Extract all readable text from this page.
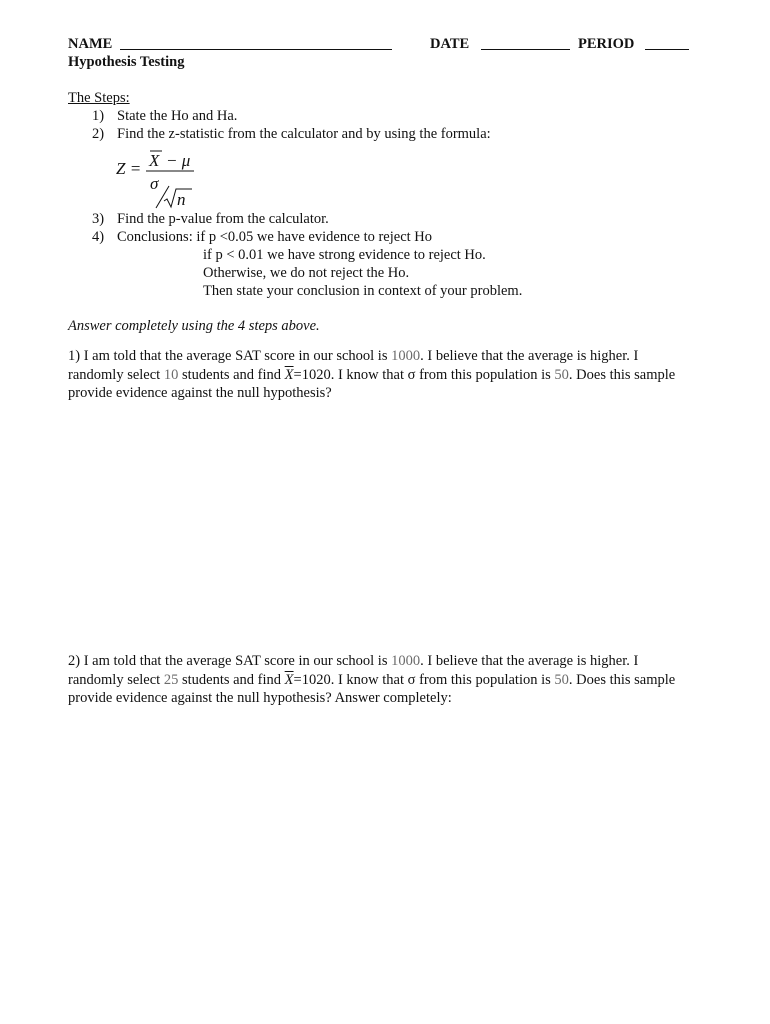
NAME	DATE	PERIOD
Hypothesis Testing
The Steps:
1) State the Ho and Ha.
2) Find the z-statistic from the calculator and by using the formula:
Z = X − μ
σ
n
3) Find the p-value from the calculator.
4) Conclusions: if p <0.05 we have evidence to reject Ho
if p < 0.01 we have strong evidence to reject Ho.
Otherwise, we do not reject the Ho.
Then state your conclusion in context of your problem.
Answer completely using the 4 steps above.
1) I am told that the average SAT score in our school is 1000. I believe that the average is higher. I randomly select 10 students and find $\overline{X}=1020$. I know that σ from this population is 50. Does this sample provide evidence against the null hypothesis?
2) I am told that the average SAT score in our school is 1000. I believe that the average is higher. I randomly select 25 students and find $\overline{X}=1020$. I know that σ from this population is 50. Does this sample provide evidence against the null hypothesis? Answer completely:
